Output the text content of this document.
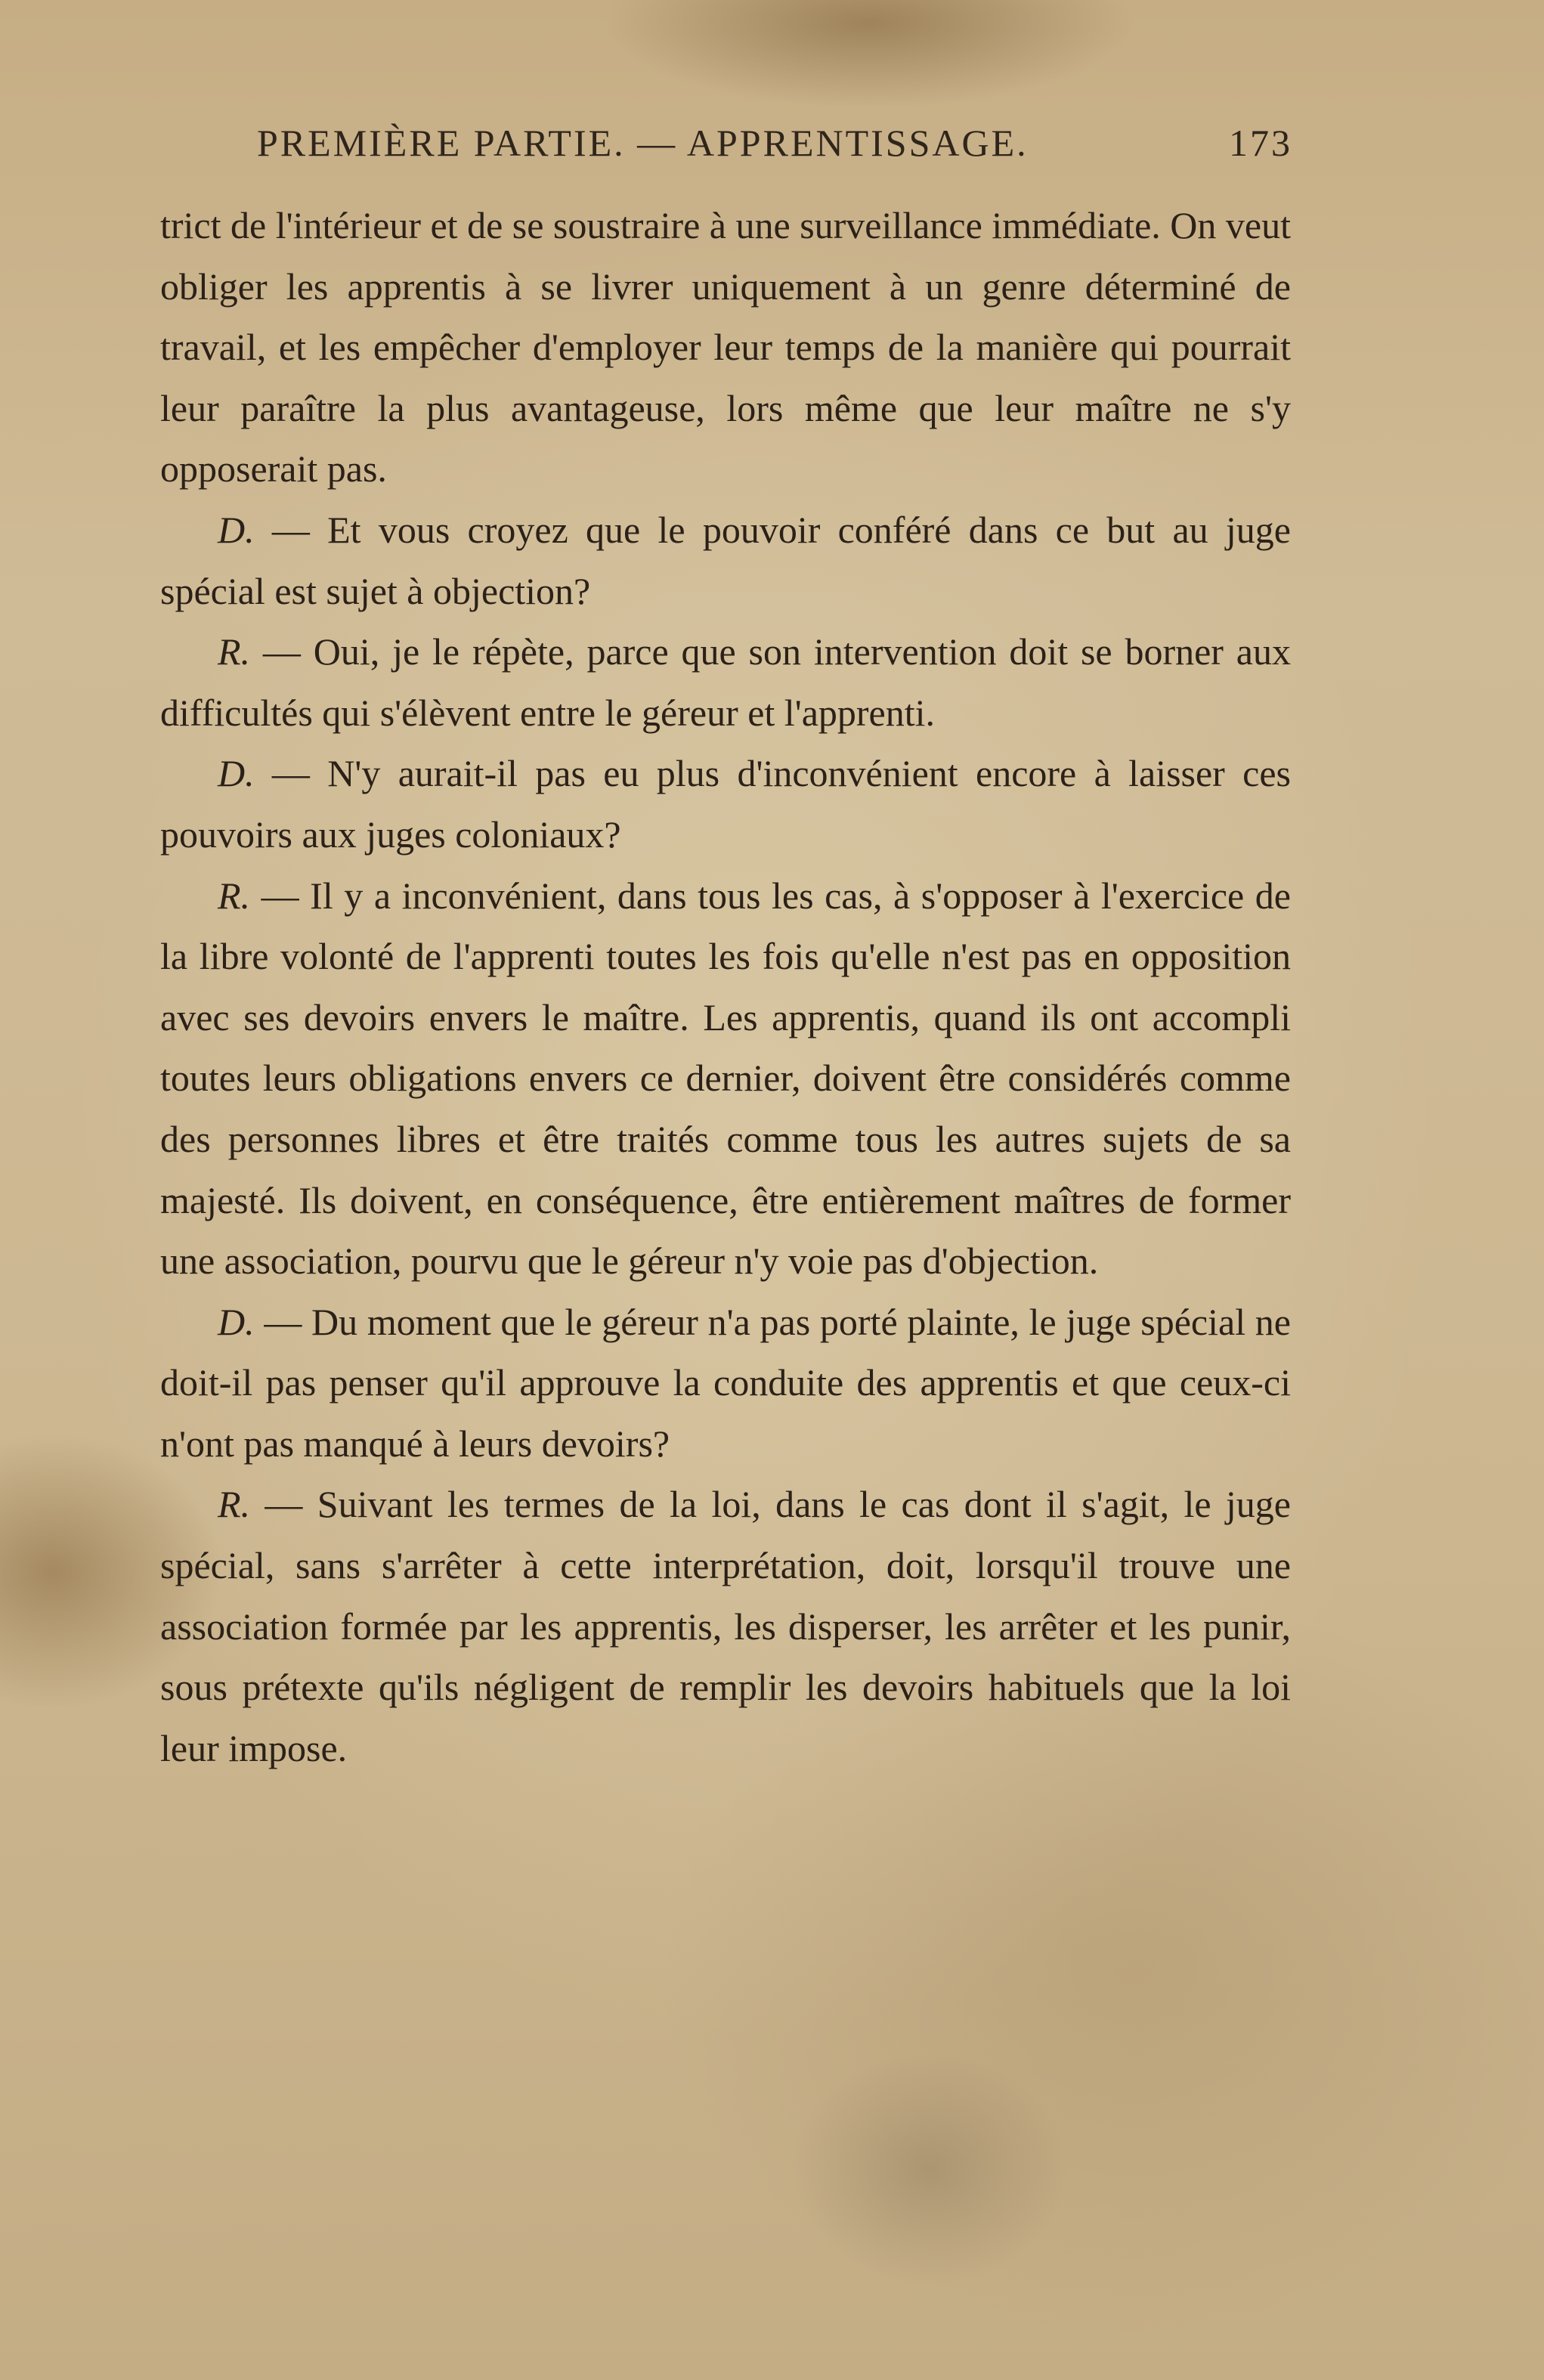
PREMIÈRE PARTIE. — APPRENTISSAGE.	173

trict de l'intérieur et de se soustraire à une surveillance immédiate. On veut obliger les apprentis à se livrer uniquement à un genre déterminé de travail, et les empêcher d'employer leur temps de la manière qui pourrait leur paraître la plus avantageuse, lors même que leur maître ne s'y opposerait pas.

D. — Et vous croyez que le pouvoir conféré dans ce but au juge spécial est sujet à objection?

R. — Oui, je le répète, parce que son intervention doit se borner aux difficultés qui s'élèvent entre le géreur et l'apprenti.

D. — N'y aurait-il pas eu plus d'inconvénient encore à laisser ces pouvoirs aux juges coloniaux?

R. — Il y a inconvénient, dans tous les cas, à s'opposer à l'exercice de la libre volonté de l'apprenti toutes les fois qu'elle n'est pas en opposition avec ses devoirs envers le maître. Les apprentis, quand ils ont accompli toutes leurs obligations envers ce dernier, doivent être considérés comme des personnes libres et être traités comme tous les autres sujets de sa majesté. Ils doivent, en conséquence, être entièrement maîtres de former une association, pourvu que le géreur n'y voie pas d'objection.

D. — Du moment que le géreur n'a pas porté plainte, le juge spécial ne doit-il pas penser qu'il approuve la conduite des apprentis et que ceux-ci n'ont pas manqué à leurs devoirs?

R. — Suivant les termes de la loi, dans le cas dont il s'agit, le juge spécial, sans s'arrêter à cette interprétation, doit, lorsqu'il trouve une association formée par les apprentis, les disperser, les arrêter et les punir, sous prétexte qu'ils négligent de remplir les devoirs habituels que la loi leur impose.
